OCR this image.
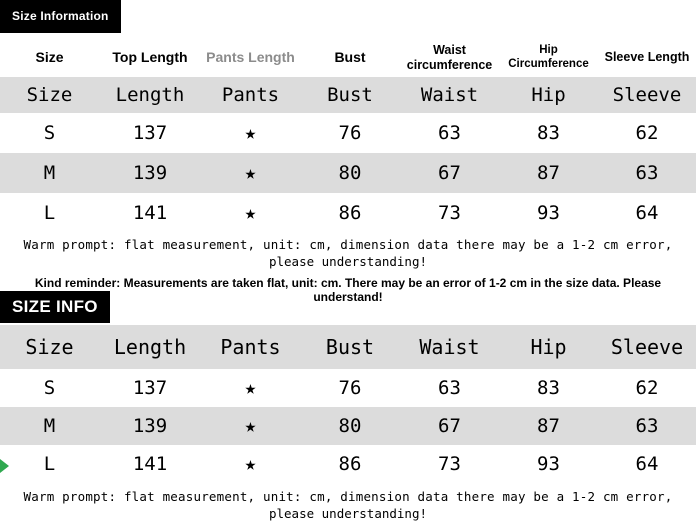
Size Information
Size	Top Length	Pants Length	Bust	Waist circumference	Hip Circumference	Sleeve Length
Size	Length	Pants	Bust	Waist	Hip	Sleeve
S	137	★	76	63	83	62
M	139	★	80	67	87	63
L	141	★	86	73	93	64
Warm prompt: flat measurement, unit: cm, dimension data there may be a 1-2 cm error,
please understanding!
Kind reminder: Measurements are taken flat, unit: cm. There may be an error of 1-2 cm in the size data. Please understand!
SIZE INFO
Size	Length	Pants	Bust	Waist	Hip	Sleeve
S	137	★	76	63	83	62
M	139	★	80	67	87	63
L	141	★	86	73	93	64
Warm prompt: flat measurement, unit: cm, dimension data there may be a 1-2 cm error,
please understanding!
